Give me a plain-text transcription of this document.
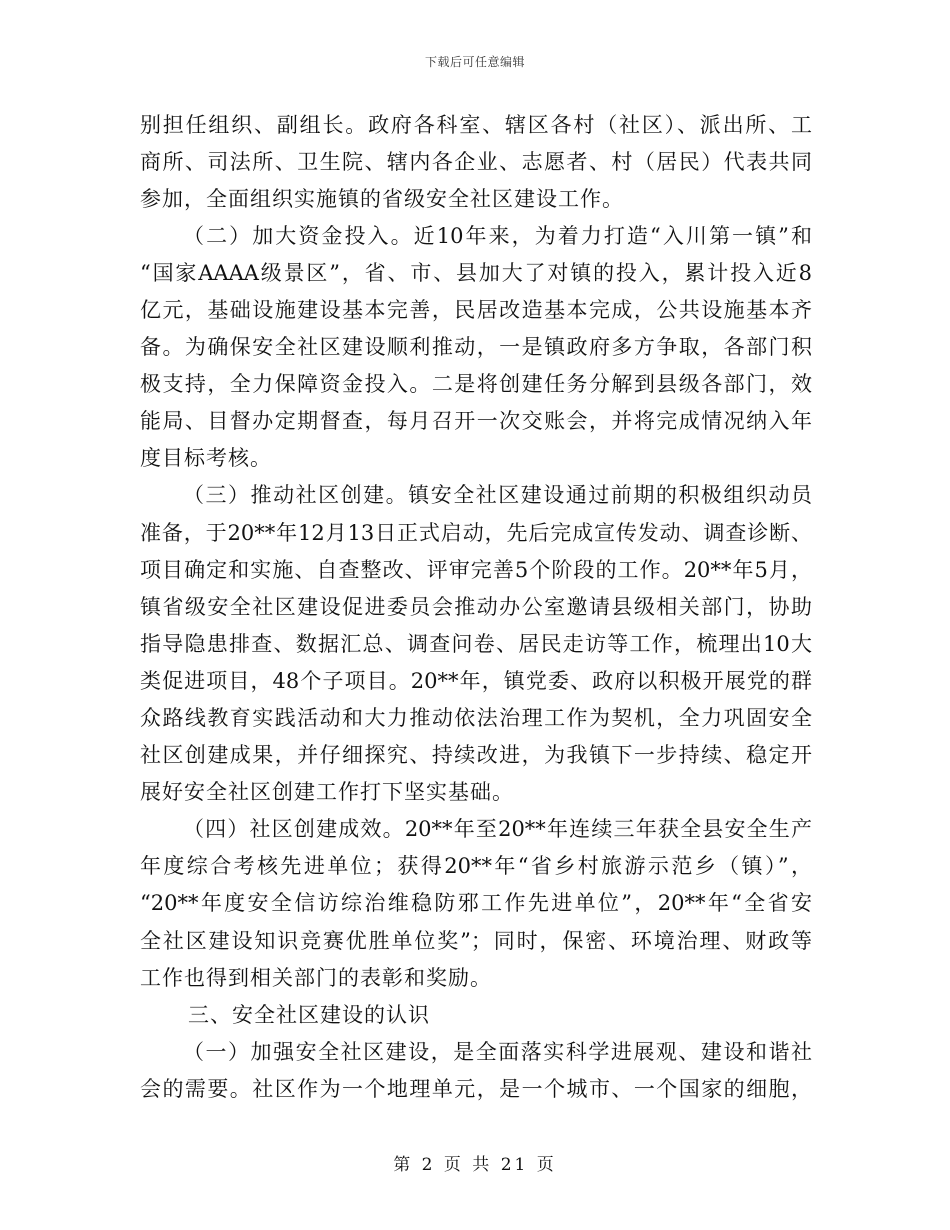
下载后可任意编辑
别担任组织、副组长。政府各科室、辖区各村（社区）、派出所、工
商所、司法所、卫生院、辖内各企业、志愿者、村（居民）代表共同
参加，全面组织实施镇的省级安全社区建设工作。
（二）加大资金投入。近10年来，为着力打造“入川第一镇”和
“国家AAAA级景区”，省、市、县加大了对镇的投入，累计投入近8
亿元，基础设施建设基本完善，民居改造基本完成，公共设施基本齐
备。为确保安全社区建设顺利推动，一是镇政府多方争取，各部门积
极支持，全力保障资金投入。二是将创建任务分解到县级各部门，效
能局、目督办定期督查，每月召开一次交账会，并将完成情况纳入年
度目标考核。
（三）推动社区创建。镇安全社区建设通过前期的积极组织动员
准备，于20**年12月13日正式启动，先后完成宣传发动、调查诊断、
项目确定和实施、自查整改、评审完善5个阶段的工作。20**年5月，
镇省级安全社区建设促进委员会推动办公室邀请县级相关部门，协助
指导隐患排查、数据汇总、调查问卷、居民走访等工作，梳理出10大
类促进项目，48个子项目。20**年，镇党委、政府以积极开展党的群
众路线教育实践活动和大力推动依法治理工作为契机，全力巩固安全
社区创建成果，并仔细探究、持续改进，为我镇下一步持续、稳定开
展好安全社区创建工作打下坚实基础。
（四）社区创建成效。20**年至20**年连续三年获全县安全生产
年度综合考核先进单位；获得20**年“省乡村旅游示范乡（镇）”，
“20**年度安全信访综治维稳防邪工作先进单位”，20**年“全省安
全社区建设知识竞赛优胜单位奖”；同时，保密、环境治理、财政等
工作也得到相关部门的表彰和奖励。
三、安全社区建设的认识
（一）加强安全社区建设，是全面落实科学进展观、建设和谐社
会的需要。社区作为一个地理单元，是一个城市、一个国家的细胞，
第 2 页 共 21 页
